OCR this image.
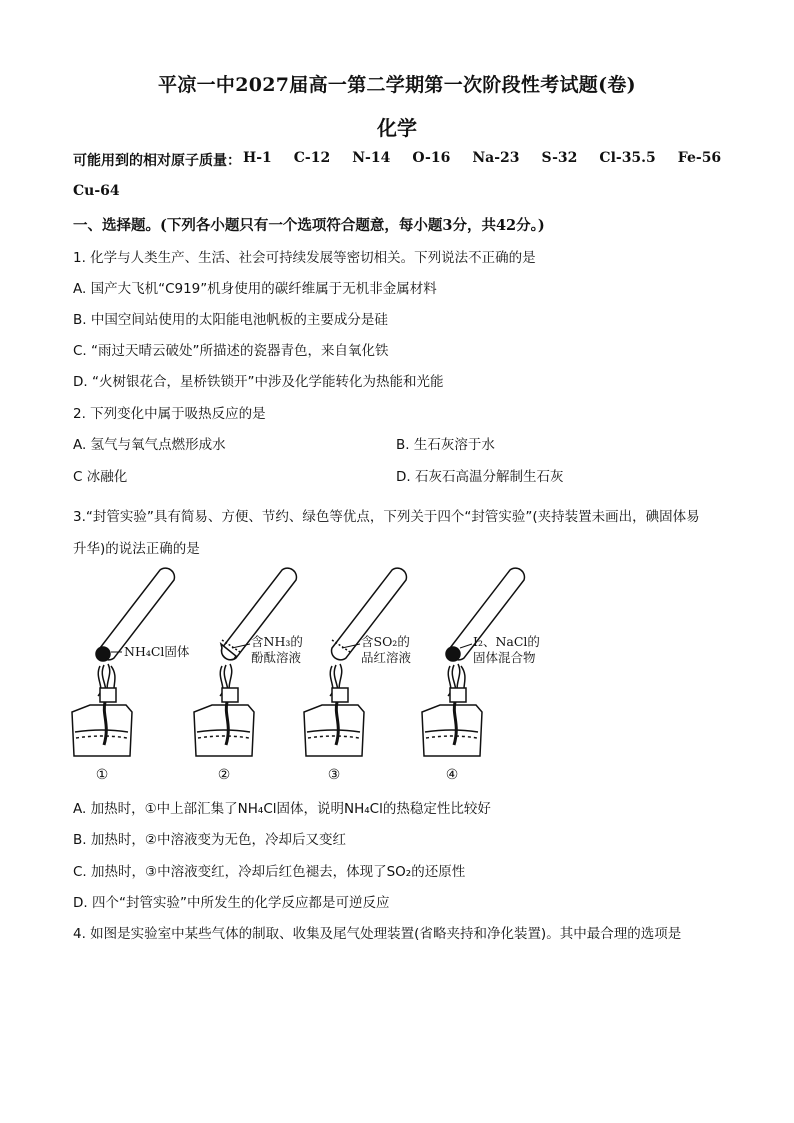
平凉一中2027届高一第二学期第一次阶段性考试题(卷)
化学
可能用到的相对原子质量： H-1 C-12 N-14 O-16 Na-23 S-32 Cl-35.5 Fe-56
Cu-64
一、选择题。(下列各小题只有一个选项符合题意，每小题3分，共42分。)
1. 化学与人类生产、生活、社会可持续发展等密切相关。下列说法不正确的是
A. 国产大飞机“C919”机身使用的碳纤维属于无机非金属材料
B. 中国空间站使用的太阳能电池帆板的主要成分是硅
C. “雨过天晴云破处”所描述的瓷器青色，来自氧化铁
D. “火树银花合，星桥铁锁开”中涉及化学能转化为热能和光能
2. 下列变化中属于吸热反应的是
A. 氢气与氧气点燃形成水	B. 生石灰溶于水
C 冰融化	D. 石灰石高温分解制生石灰
3.“封管实验”具有简易、方便、节约、绿色等优点，下列关于四个“封管实验”(夹持装置未画出，碘固体易
升华)的说法正确的是
①	②	③	④
NH₄Cl固体
含NH₃的
酚酞溶液
含SO₂的
品红溶液
I₂、NaCl的
固体混合物
A. 加热时，①中上部汇集了NH₄Cl固体，说明NH₄Cl的热稳定性比较好
B. 加热时，②中溶液变为无色，冷却后又变红
C. 加热时，③中溶液变红，冷却后红色褪去，体现了SO₂的还原性
D. 四个“封管实验”中所发生的化学反应都是可逆反应
4. 如图是实验室中某些气体的制取、收集及尾气处理装置(省略夹持和净化装置)。其中最合理的选项是
